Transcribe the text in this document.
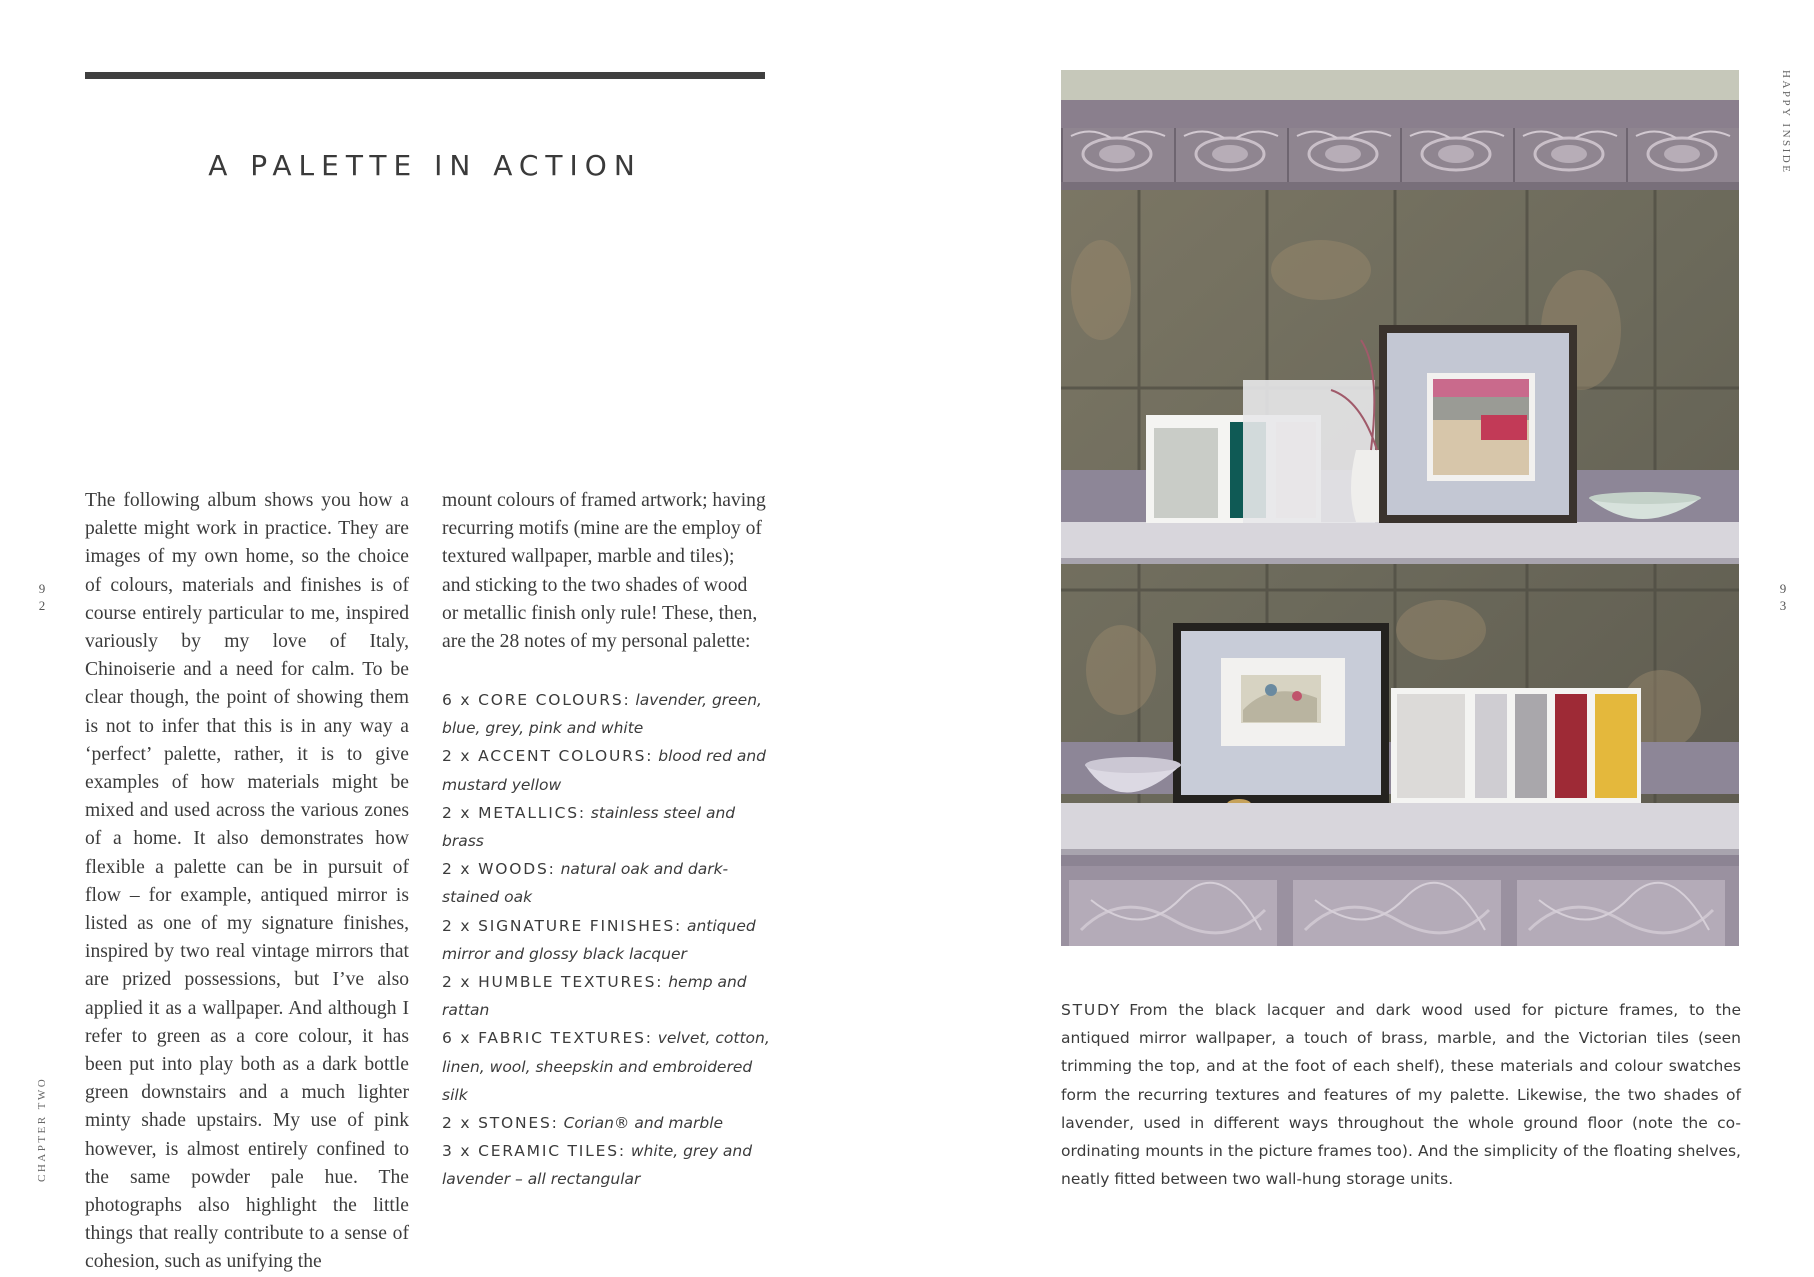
A PALETTE IN ACTION

The following album shows you how a palette might work in practice. They are images of my own home, so the choice of colours, materials and finishes is of course entirely particular to me, inspired variously by my love of Italy, Chinoiserie and a need for calm. To be clear though, the point of showing them is not to infer that this is in any way a ‘perfect’ palette, rather, it is to give examples of how materials might be mixed and used across the various zones of a home. It also demonstrates how flexible a palette can be in pursuit of flow – for example, antiqued mirror is listed as one of my signature finishes, inspired by two real vintage mirrors that are prized possessions, but I’ve also applied it as a wallpaper. And although I refer to green as a core colour, it has been put into play both as a dark bottle green downstairs and a much lighter minty shade upstairs. My use of pink however, is almost entirely confined to the same powder pale hue. The photographs also highlight the little things that really contribute to a sense of cohesion, such as unifying the

mount colours of framed artwork; having recurring motifs (mine are the employ of textured wallpaper, marble and tiles); and sticking to the two shades of wood or metallic finish only rule! These, then, are the 28 notes of my personal palette:

6 x CORE COLOURS: lavender, green, blue, grey, pink and white

2 x ACCENT COLOURS: blood red and mustard yellow

2 x METALLICS: stainless steel and brass

2 x WOODS: natural oak and dark-stained oak

2 x SIGNATURE FINISHES: antiqued mirror and glossy black lacquer

2 x HUMBLE TEXTURES: hemp and rattan

6 x FABRIC TEXTURES: velvet, cotton, linen, wool, sheepskin and embroidered silk

2 x STONES: Corian® and marble

3 x CERAMIC TILES: white, grey and lavender – all rectangular

9
2
CHAPTER TWO
STUDY From the black lacquer and dark wood used for picture frames, to the antiqued mirror wallpaper, a touch of brass, marble, and the Victorian tiles (seen trimming the top, and at the foot of each shelf), these materials and colour swatches form the recurring textures and features of my palette. Likewise, the two shades of lavender, used in different ways throughout the whole ground floor (note the co-ordinating mounts in the picture frames too). And the simplicity of the floating shelves, neatly fitted between two wall-hung storage units.
9
3
HAPPY INSIDE
